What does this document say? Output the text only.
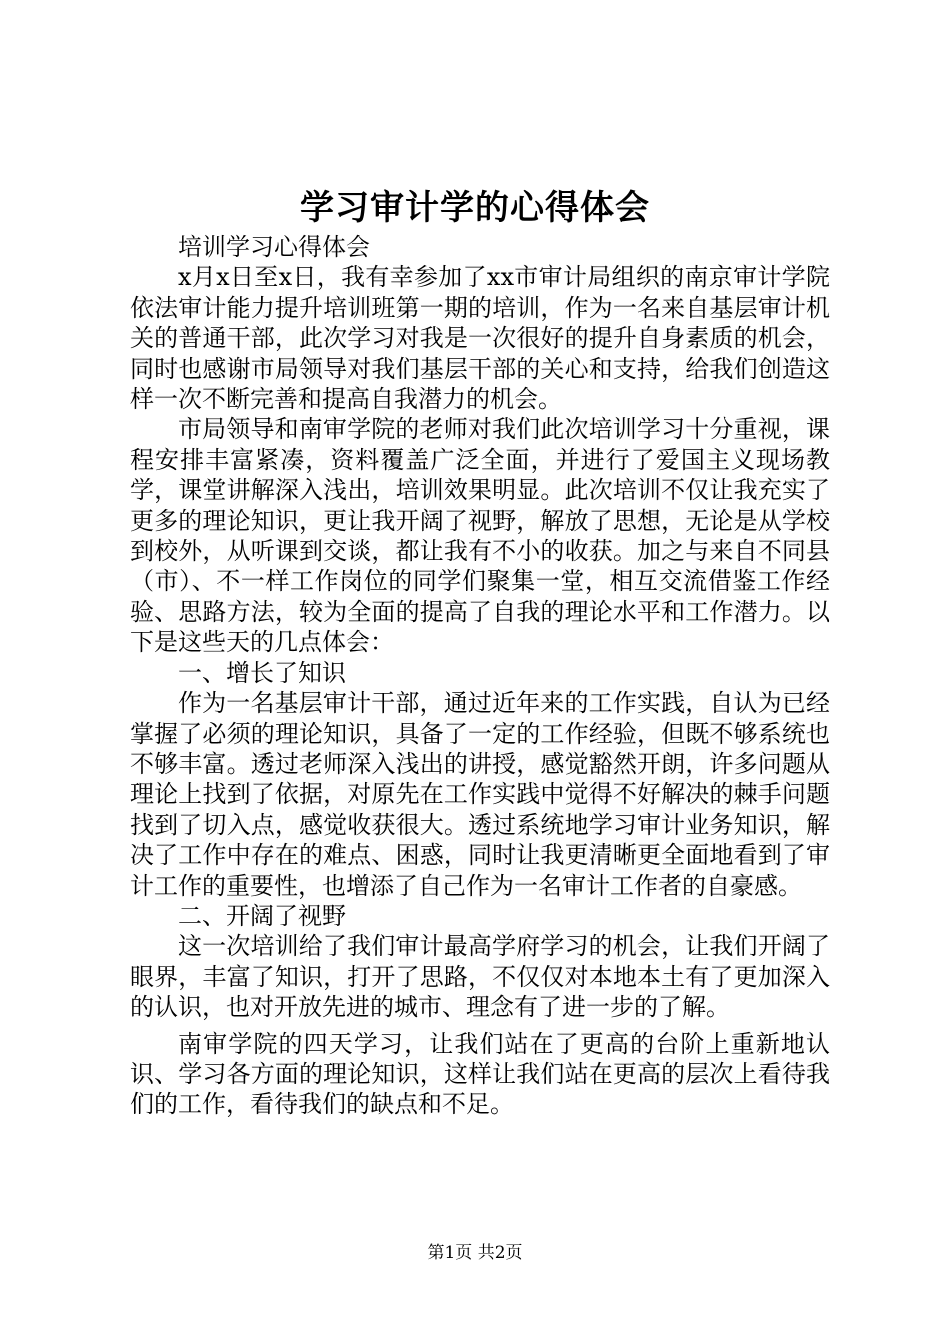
学习审计学的心得体会

培训学习心得体会

x月x日至x日，我有幸参加了xx市审计局组织的南京审计学院依法审计能力提升培训班第一期的培训，作为一名来自基层审计机关的普通干部，此次学习对我是一次很好的提升自身素质的机会，同时也感谢市局领导对我们基层干部的关心和支持，给我们创造这样一次不断完善和提高自我潜力的机会。

市局领导和南审学院的老师对我们此次培训学习十分重视，课程安排丰富紧凑，资料覆盖广泛全面，并进行了爱国主义现场教学，课堂讲解深入浅出，培训效果明显。此次培训不仅让我充实了更多的理论知识，更让我开阔了视野，解放了思想，无论是从学校到校外，从听课到交谈，都让我有不小的收获。加之与来自不同县（市）、不一样工作岗位的同学们聚集一堂，相互交流借鉴工作经验、思路方法，较为全面的提高了自我的理论水平和工作潜力。以下是这些天的几点体会：

一、增长了知识

作为一名基层审计干部，通过近年来的工作实践，自认为已经掌握了必须的理论知识，具备了一定的工作经验，但既不够系统也不够丰富。透过老师深入浅出的讲授，感觉豁然开朗，许多问题从理论上找到了依据，对原先在工作实践中觉得不好解决的棘手问题找到了切入点，感觉收获很大。透过系统地学习审计业务知识，解决了工作中存在的难点、困惑，同时让我更清晰更全面地看到了审计工作的重要性，也增添了自己作为一名审计工作者的自豪感。

二、开阔了视野

这一次培训给了我们审计最高学府学习的机会，让我们开阔了眼界，丰富了知识，打开了思路，不仅仅对本地本土有了更加深入的认识，也对开放先进的城市、理念有了进一步的了解。

南审学院的四天学习，让我们站在了更高的台阶上重新地认识、学习各方面的理论知识，这样让我们站在更高的层次上看待我们的工作，看待我们的缺点和不足。

第1页 共2页
